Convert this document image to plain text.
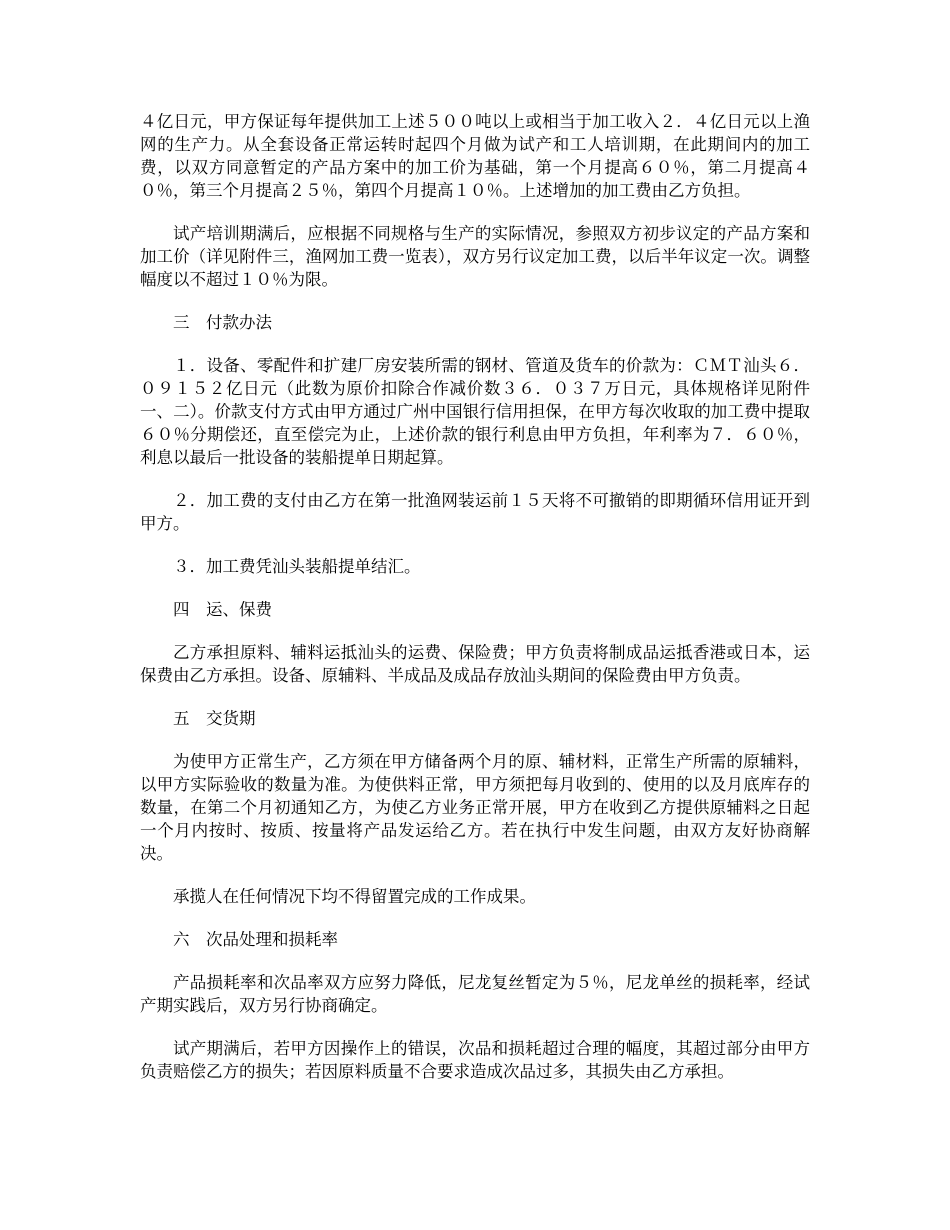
４亿日元，甲方保证每年提供加工上述５００吨以上或相当于加工收入２．４亿日元以上渔网的生产力。从全套设备正常运转时起四个月做为试产和工人培训期，在此期间内的加工费，以双方同意暂定的产品方案中的加工价为基础，第一个月提高６０％，第二月提高４０％，第三个月提高２５％，第四个月提高１０％。上述增加的加工费由乙方负担。

试产培训期满后，应根据不同规格与生产的实际情况，参照双方初步议定的产品方案和加工价（详见附件三，渔网加工费一览表），双方另行议定加工费，以后半年议定一次。调整幅度以不超过１０％为限。

三　付款办法

１．设备、零配件和扩建厂房安装所需的钢材、管道及货车的价款为：ＣＭＴ汕头６．０９１５２亿日元（此数为原价扣除合作减价数３６．０３７万日元，具体规格详见附件一、二）。价款支付方式由甲方通过广州中国银行信用担保，在甲方每次收取的加工费中提取６０％分期偿还，直至偿完为止，上述价款的银行利息由甲方负担，年利率为７．６０％，利息以最后一批设备的装船提单日期起算。

２．加工费的支付由乙方在第一批渔网装运前１５天将不可撤销的即期循环信用证开到甲方。

３．加工费凭汕头装船提单结汇。

四　运、保费

乙方承担原料、辅料运抵汕头的运费、保险费；甲方负责将制成品运抵香港或日本，运保费由乙方承担。设备、原辅料、半成品及成品存放汕头期间的保险费由甲方负责。

五　交货期

为使甲方正常生产，乙方须在甲方储备两个月的原、辅材料，正常生产所需的原辅料，以甲方实际验收的数量为准。为使供料正常，甲方须把每月收到的、使用的以及月底库存的数量，在第二个月初通知乙方，为使乙方业务正常开展，甲方在收到乙方提供原辅料之日起一个月内按时、按质、按量将产品发运给乙方。若在执行中发生问题，由双方友好协商解决。

承揽人在任何情况下均不得留置完成的工作成果。

六　次品处理和损耗率

产品损耗率和次品率双方应努力降低，尼龙复丝暂定为５％，尼龙单丝的损耗率，经试产期实践后，双方另行协商确定。

试产期满后，若甲方因操作上的错误，次品和损耗超过合理的幅度，其超过部分由甲方负责赔偿乙方的损失；若因原料质量不合要求造成次品过多，其损失由乙方承担。
